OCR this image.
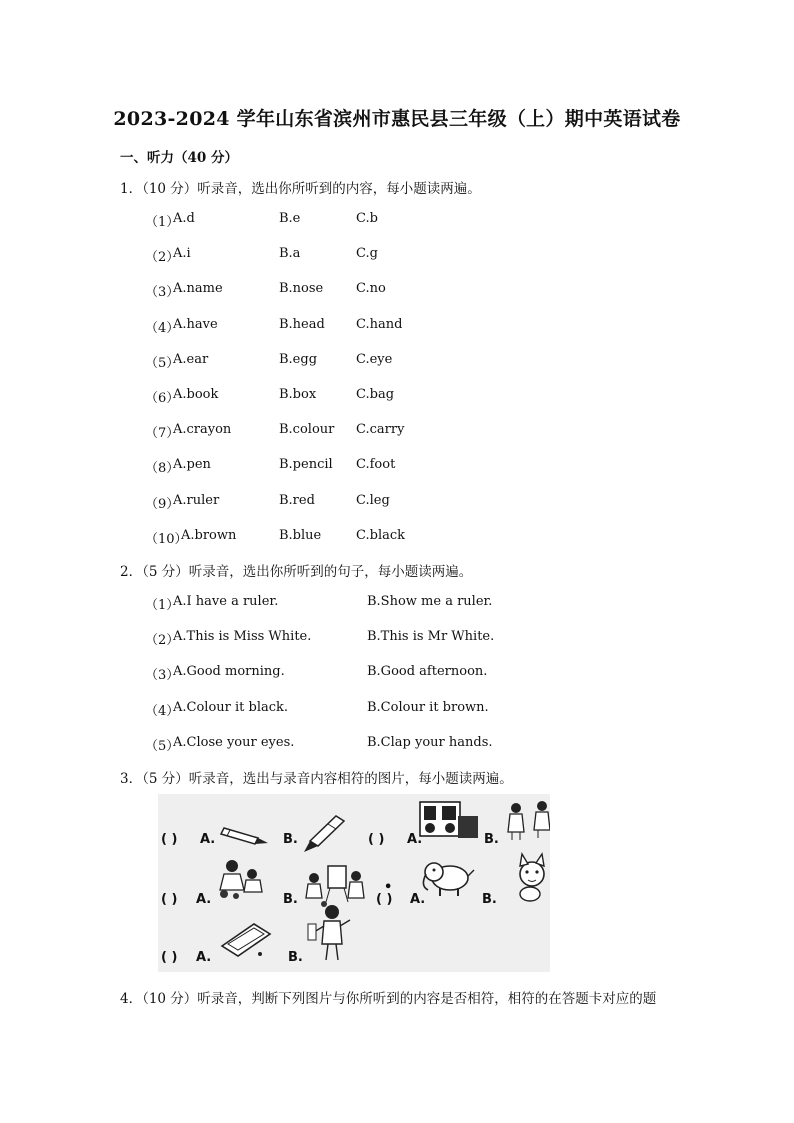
2023-2024 学年山东省滨州市惠民县三年级（上）期中英语试卷
一、听力（40 分）
1．（10 分）听录音，选出你所听到的内容，每小题读两遍。
（1）
A.d	B.e	C.b
（2）
A.i	B.a	C.g
（3）
A.name	B.nose	C.no
（4）
A.have	B.head C.hand
（5）
A.ear	B.egg	C.eye
（6）
A.book	B.box	C.bag
（7）
A.crayon	B.colour C.carry
（8）
A.pen	B.pencil C.foot
（9）
A.ruler	B.red	C.leg
（10）
A.brown	B.blue	C.black
2．（5 分）听录音，选出你所听到的句子，每小题读两遍。
（1）
A.I have a ruler.	B.Show me a ruler.
（2）
A.This is Miss White.	B.This is Mr White.
（3）
A.Good morning.	B.Good afternoon.
（4）
A.Colour it black.	B.Colour it brown.
（5）
A.Close your eyes.	B.Clap your hands.
3．（5 分）听录音，选出与录音内容相符的图片，每小题读两遍。
( ) A.	B.	( ) A.	B.
( ) A.	B.
•
( ) A.	B.
( ) A.	B.
4．（10 分）听录音，判断下列图片与你所听到的内容是否相符，相符的在答题卡对应的题
